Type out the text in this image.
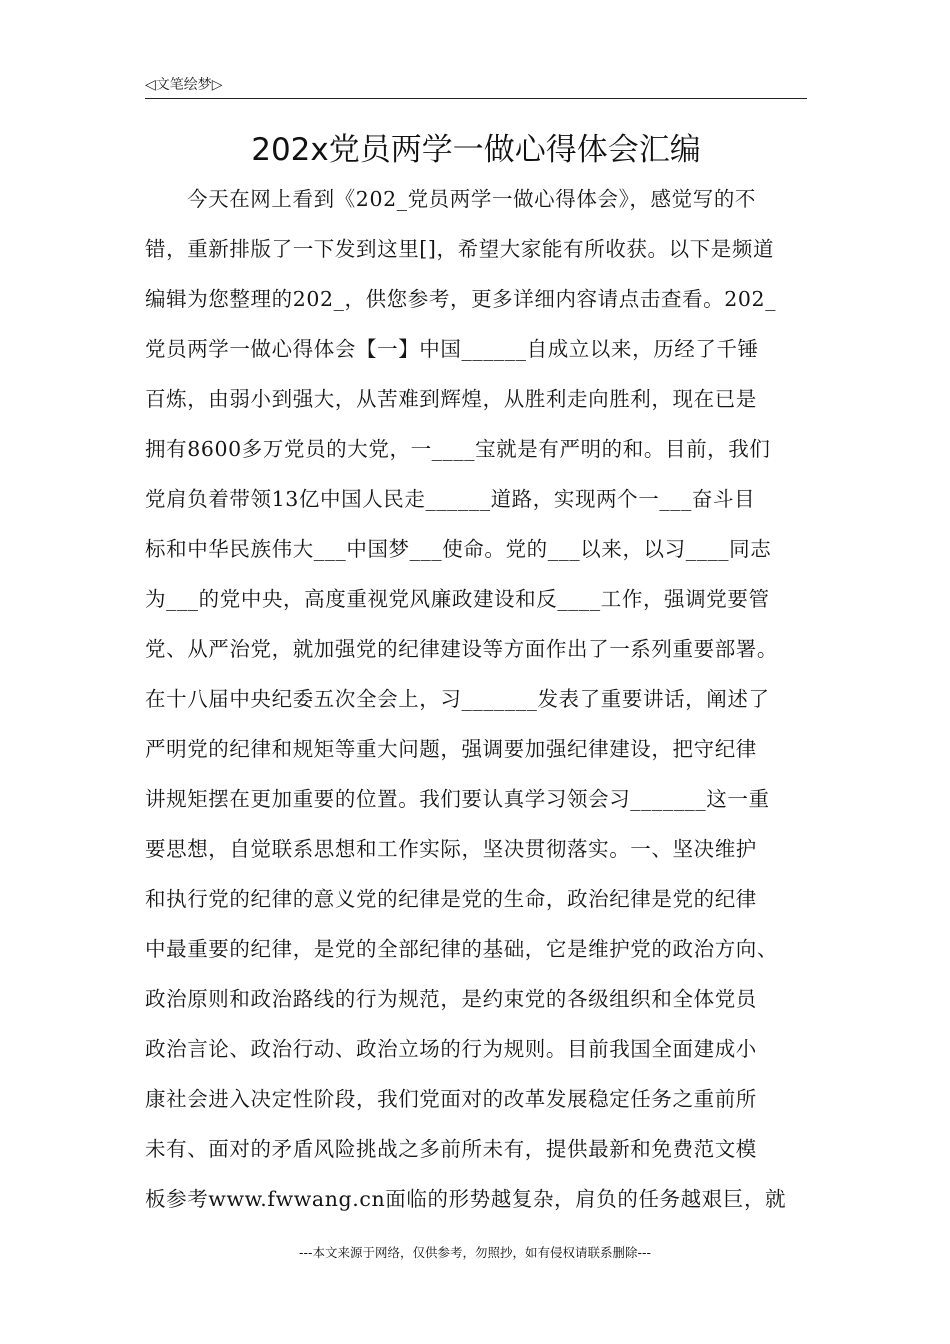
◁文笔绘梦▷
202x党员两学一做心得体会汇编
今天在网上看到《202_党员两学一做心得体会》，感觉写的不
错，重新排版了一下发到这里[]，希望大家能有所收获。以下是频道
编辑为您整理的202_，供您参考，更多详细内容请点击查看。202_
党员两学一做心得体会【一】中国______自成立以来，历经了千锤
百炼，由弱小到强大，从苦难到辉煌，从胜利走向胜利，现在已是
拥有8600多万党员的大党，一____宝就是有严明的和。目前，我们
党肩负着带领13亿中国人民走______道路，实现两个一___奋斗目
标和中华民族伟大___中国梦___使命。党的___以来，以习____同志
为___的党中央，高度重视党风廉政建设和反____工作，强调党要管
党、从严治党，就加强党的纪律建设等方面作出了一系列重要部署。
在十八届中央纪委五次全会上，习_______发表了重要讲话，阐述了
严明党的纪律和规矩等重大问题，强调要加强纪律建设，把守纪律
讲规矩摆在更加重要的位置。我们要认真学习领会习_______这一重
要思想，自觉联系思想和工作实际，坚决贯彻落实。一、坚决维护
和执行党的纪律的意义党的纪律是党的生命，政治纪律是党的纪律
中最重要的纪律，是党的全部纪律的基础，它是维护党的政治方向、
政治原则和政治路线的行为规范，是约束党的各级组织和全体党员
政治言论、政治行动、政治立场的行为规则。目前我国全面建成小
康社会进入决定性阶段，我们党面对的改革发展稳定任务之重前所
未有、面对的矛盾风险挑战之多前所未有，提供最新和免费范文模
板参考www.fwwang.cn面临的形势越复杂，肩负的任务越艰巨，就
---本文来源于网络，仅供参考，勿照抄，如有侵权请联系删除---
